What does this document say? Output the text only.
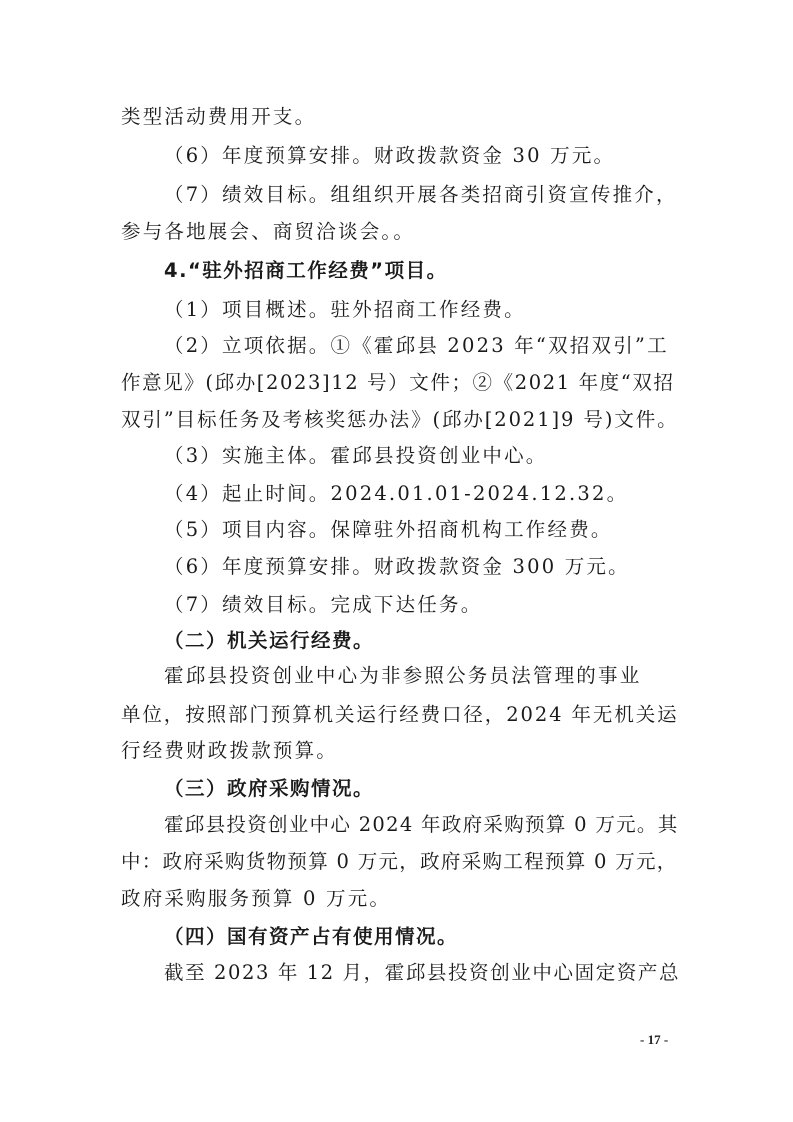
类型活动费用开支。
（6）年度预算安排。财政拨款资金 30 万元。
（7）绩效目标。组组织开展各类招商引资宣传推介，
参与各地展会、商贸洽谈会。。
4.“驻外招商工作经费”项目。
（1）项目概述。驻外招商工作经费。
（2）立项依据。①《霍邱县 2023 年“双招双引”工
作意见》(邱办[2023]12 号）文件；②《2021 年度“双招
双引”目标任务及考核奖惩办法》(邱办[2021]9 号)文件。
（3）实施主体。霍邱县投资创业中心。
（4）起止时间。2024.01.01-2024.12.32。
（5）项目内容。保障驻外招商机构工作经费。
（6）年度预算安排。财政拨款资金 300 万元。
（7）绩效目标。完成下达任务。
（二）机关运行经费。
霍邱县投资创业中心为非参照公务员法管理的事业
单位，按照部门预算机关运行经费口径，2024 年无机关运
行经费财政拨款预算。
（三）政府采购情况。
霍邱县投资创业中心 2024 年政府采购预算 0 万元。其
中：政府采购货物预算 0 万元，政府采购工程预算 0 万元，
政府采购服务预算 0 万元。
（四）国有资产占有使用情况。
截至 2023 年 12 月，霍邱县投资创业中心固定资产总
- 17 -
